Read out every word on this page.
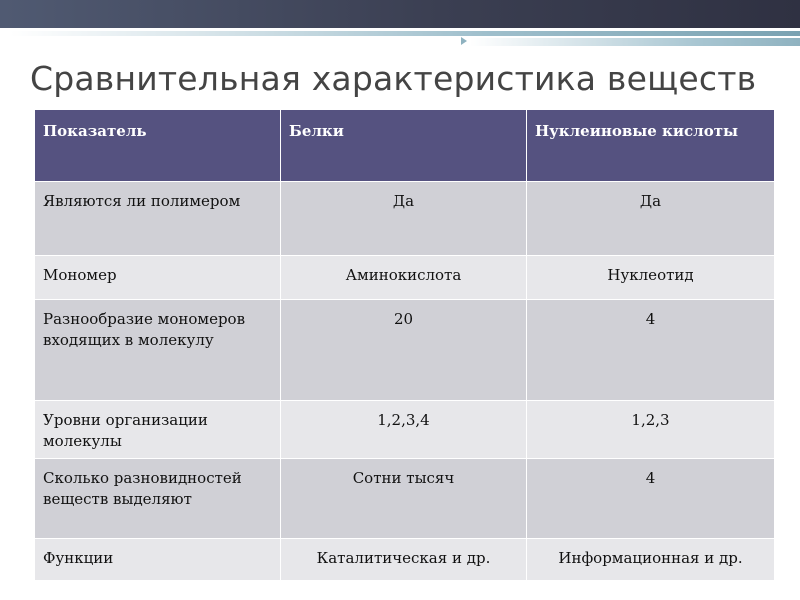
Сравнительная характеристика веществ
Показатель	Белки	Нуклеиновые кислоты
Являются ли полимером	Да	Да
Мономер	Аминокислота	Нуклеотид
Разнообразие мономеров входящих в молекулу	20	4
Уровни организации молекулы	1,2,3,4	1,2,3
Сколько разновидностей веществ выделяют	Сотни тысяч	4
Функции	Каталитическая и др.	Информационная и др.
